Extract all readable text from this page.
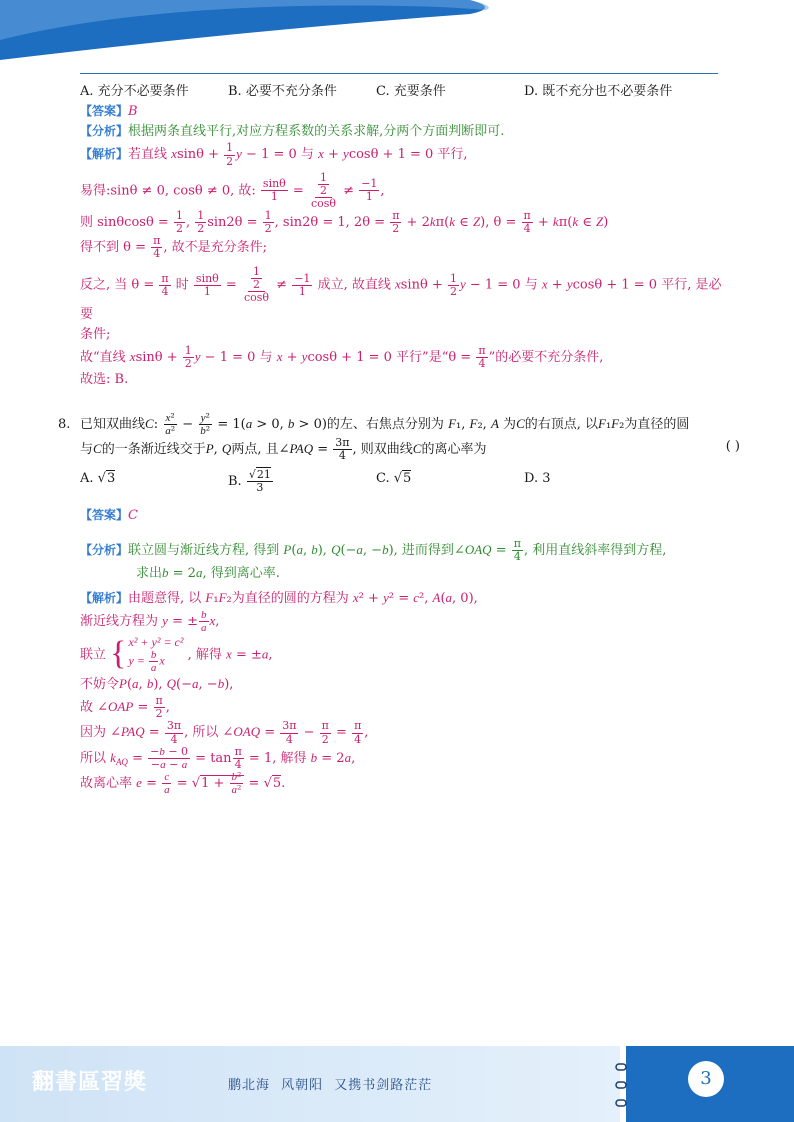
A. 充分不必要条件	B. 必要不充分条件	C. 充要条件	D. 既不充分也不必要条件
【答案】B
【分析】根据两条直线平行,对应方程系数的关系求解,分两个方面判断即可.
【解析】若直线 $xsin\theta + \frac{1}{2}$ y − 1 = 0 与 x + ycosθ + 1 = 0 平行,
易得:sinθ ≠ 0, cosθ ≠ 0, 故: $\frac{\sin\theta}{1} = \frac{\frac{1}{2}}{\cos\theta} \ne \frac{-1}{1}$ ,
则 $\sin\theta\cos\theta = \frac{1}{2}$ , $\frac{1}{2} \sin 2\theta = \frac{1}{2}$ , sin2θ = 1, $2\theta = \frac{\pi}{2} + 2k\pi(k$ ∈ Z), $\theta = \frac{\pi}{4} + k\pi(k$ ∈ Z)
得不到 $\theta = \frac{\pi}{4}$ , 故不是充分条件;
反之, 当 $\theta = \frac{\pi}{4}$ 时 $\frac{\sin\theta}{1} = \frac{\frac{1}{2}}{\cos\theta} \ne \frac{-1}{1}$ 成立, 故直线 $xsin\theta + \frac{1}{2}$ y − 1 = 0 与 x + ycosθ + 1 = 0 平行, 是必要
条件;
故“直线 $xsin\theta + \frac{1}{2}$ y − 1 = 0 与 x + ycosθ + 1 = 0 平行”是“$\theta = \frac{\pi}{4}$ ”的必要不充分条件,
故选: B.
8. 已知双曲线C: $\frac{\text{x²}}{\text{a²}} - \frac{\text{y²}}{\text{b²}} = 1(a > 0$, b > 0)的左、右焦点分别为 F₁, F₂, A 为C的右顶点, 以F₁F₂为直径的圆
与C的一条渐近线交于P, Q两点, 且∠PAQ = $\frac{3\pi}{4}$ , 则双曲线C的离心率为	( )
A. √3	B. $\frac{√21}{3}$	C. √5	D. 3
【答案】C
【分析】联立圆与渐近线方程, 得到 P(a, b), Q(−a, −b), 进而得到∠OAQ = $\frac{\pi}{4}$ , 利用直线斜率得到方程,
求出b = 2a, 得到离心率.
【解析】由题意得, 以 F₁F₂为直径的圆的方程为 x² + y² = c², A(a, 0),
渐近线方程为 y = ± $\frac{b}{a} x$,
联立 { x² + y² = c²
$y = \frac{b}{a}$ x	, 解得 x = ±a,
不妨令P(a, b), Q(−a, −b),
故 ∠OAP = $\frac{\pi}{2}$ ,
因为 ∠PAQ = $\frac{3\pi}{4}$ , 所以 ∠OAQ = $\frac{3\pi}{4} - \frac{\pi}{2} = \frac{\pi}{4}$ ,
所以 $k_{AQ} = \frac{-b - 0}{-a - a} = \tan \frac{\pi}{4} = 1$, 解得 b = 2a,
故离心率 $e = \frac{c}{a} = √1 + \frac{\text{b²}}{\text{a²}} = √5$.
翻書區習獎	鹏北海 风朝阳 又携书剑路茫茫	3
